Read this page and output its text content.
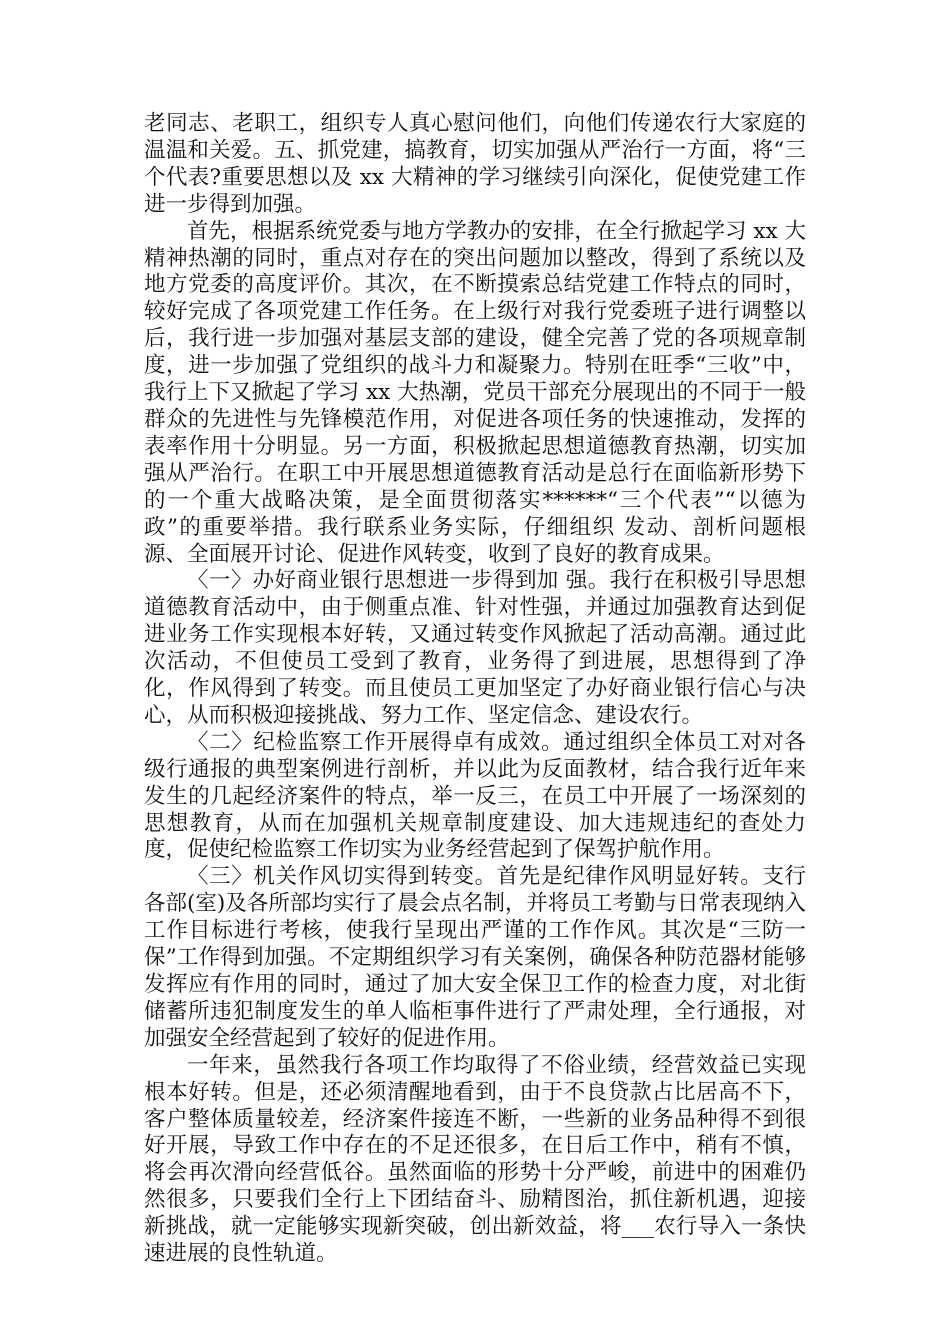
老同志、老职工，组织专人真心慰问他们，向他们传递农行大家庭的温温和关爱。五、抓党建，搞教育，切实加强从严治行一方面，将“三个代表?重要思想以及 xx 大精神的学习继续引向深化，促使党建工作进一步得到加强。

首先，根据系统党委与地方学教办的安排，在全行掀起学习 xx 大精神热潮的同时，重点对存在的突出问题加以整改，得到了系统以及地方党委的高度评价。其次，在不断摸索总结党建工作特点的同时，较好完成了各项党建工作任务。在上级行对我行党委班子进行调整以后，我行进一步加强对基层支部的建设，健全完善了党的各项规章制度，进一步加强了党组织的战斗力和凝聚力。特别在旺季“三收”中，我行上下又掀起了学习 xx 大热潮，党员干部充分展现出的不同于一般群众的先进性与先锋模范作用，对促进各项任务的快速推动，发挥的表率作用十分明显。另一方面，积极掀起思想道德教育热潮，切实加强从严治行。在职工中开展思想道德教育活动是总行在面临新形势下的一个重大战略决策，是全面贯彻落实******“三个代表”“以德为政”的重要举措。我行联系业务实际，仔细组织 发动、剖析问题根源、全面展开讨论、促进作风转变，收到了良好的教育成果。

〈一〉办好商业银行思想进一步得到加 强。我行在积极引导思想道德教育活动中，由于侧重点准、针对性强，并通过加强教育达到促进业务工作实现根本好转，又通过转变作风掀起了活动高潮。通过此次活动，不但使员工受到了教育，业务得了到进展，思想得到了净化，作风得到了转变。而且使员工更加坚定了办好商业银行信心与决心，从而积极迎接挑战、努力工作、坚定信念、建设农行。

〈二〉纪检监察工作开展得卓有成效。通过组织全体员工对对各级行通报的典型案例进行剖析，并以此为反面教材，结合我行近年来发生的几起经济案件的特点，举一反三，在员工中开展了一场深刻的思想教育，从而在加强机关规章制度建设、加大违规违纪的查处力度，促使纪检监察工作切实为业务经营起到了保驾护航作用。

〈三〉机关作风切实得到转变。首先是纪律作风明显好转。支行各部(室)及各所部均实行了晨会点名制，并将员工考勤与日常表现纳入工作目标进行考核，使我行呈现出严谨的工作作风。其次是“三防一保”工作得到加强。不定期组织学习有关案例，确保各种防范器材能够发挥应有作用的同时，通过了加大安全保卫工作的检查力度，对北街储蓄所违犯制度发生的单人临柜事件进行了严肃处理，全行通报，对加强安全经营起到了较好的促进作用。

一年来，虽然我行各项工作均取得了不俗业绩，经营效益已实现根本好转。但是，还必须清醒地看到，由于不良贷款占比居高不下，客户整体质量较差，经济案件接连不断，一些新的业务品种得不到很好开展，导致工作中存在的不足还很多，在日后工作中，稍有不慎，将会再次滑向经营低谷。虽然面临的形势十分严峻，前进中的困难仍然很多，只要我们全行上下团结奋斗、励精图治，抓住新机遇，迎接新挑战，就一定能够实现新突破，创出新效益，将___农行导入一条快速进展的良性轨道。
